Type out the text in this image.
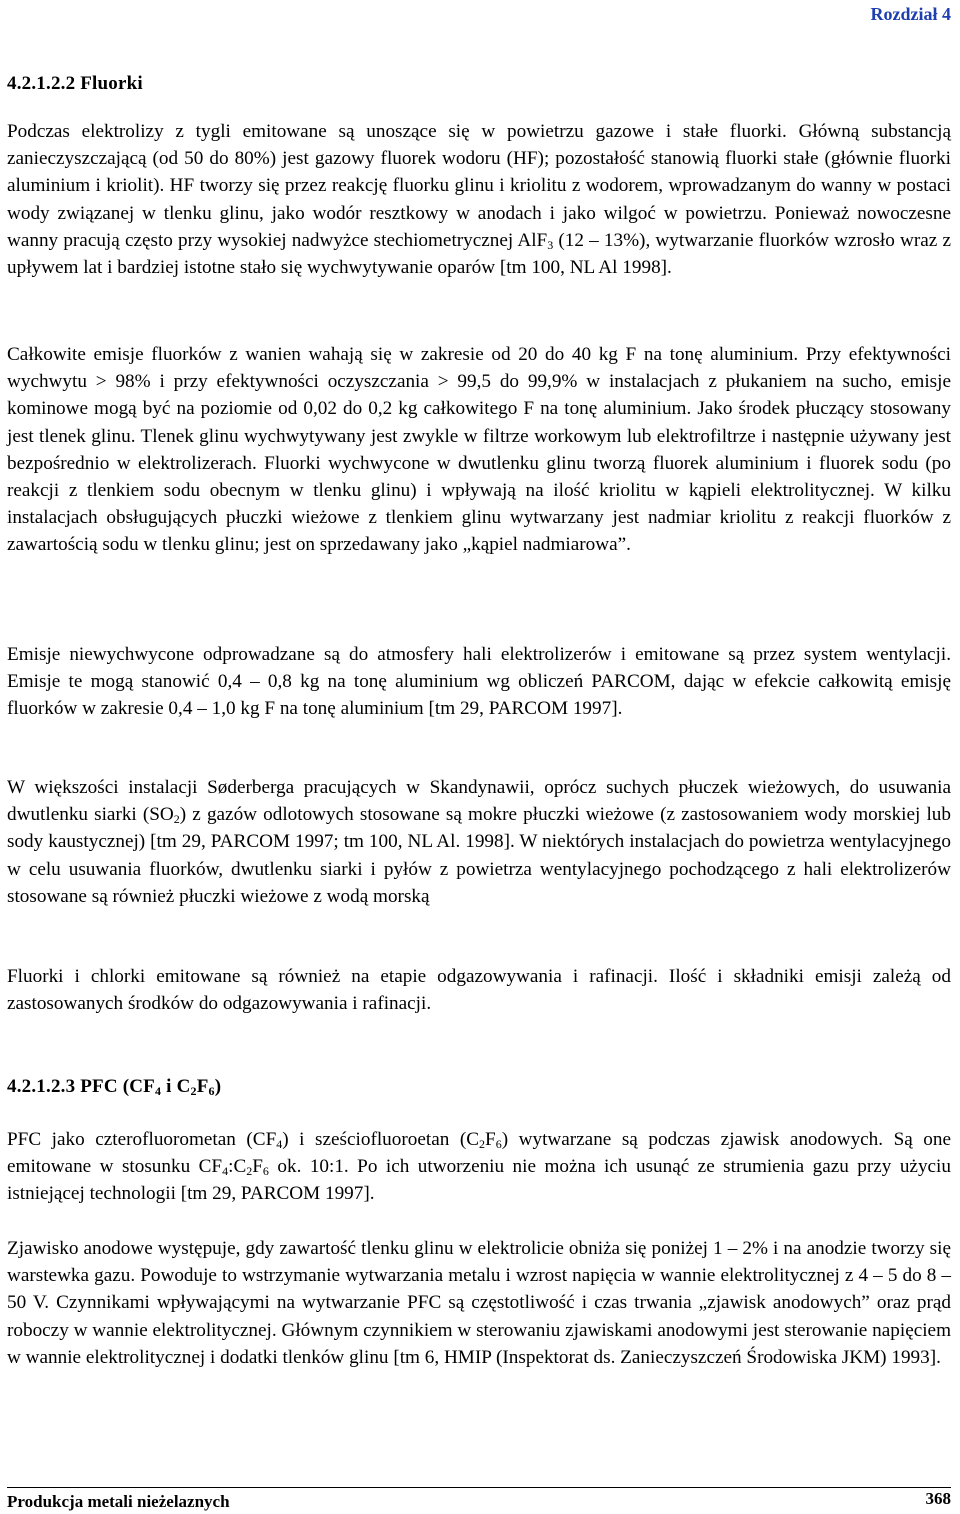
Rozdział 4
4.2.1.2.2 Fluorki
Podczas elektrolizy z tygli emitowane są unoszące się w powietrzu gazowe i stałe fluorki. Główną substancją zanieczyszczającą (od 50 do 80%) jest gazowy fluorek wodoru (HF); pozostałość stanowią fluorki stałe (głównie fluorki aluminium i kriolit). HF tworzy się przez reakcję fluorku glinu i kriolitu z wodorem, wprowadzanym do wanny w postaci wody związanej w tlenku glinu, jako wodór resztkowy w anodach i jako wilgoć w powietrzu. Ponieważ nowoczesne wanny pracują często przy wysokiej nadwyżce stechiometrycznej AlF$_3$ (12 – 13%), wytwarzanie fluorków wzrosło wraz z upływem lat i bardziej istotne stało się wychwytywanie oparów [tm 100, NL Al 1998].
Całkowite emisje fluorków z wanien wahają się w zakresie od 20 do 40 kg F na tonę aluminium. Przy efektywności wychwytu > 98% i przy efektywności oczyszczania > 99,5 do 99,9% w instalacjach z płukaniem na sucho, emisje kominowe mogą być na poziomie od 0,02 do 0,2 kg całkowitego F na tonę aluminium. Jako środek płuczący stosowany jest tlenek glinu. Tlenek glinu wychwytywany jest zwykle w filtrze workowym lub elektrofiltrze i następnie używany jest bezpośrednio w elektrolizerach. Fluorki wychwycone w dwutlenku glinu tworzą fluorek aluminium i fluorek sodu (po reakcji z tlenkiem sodu obecnym w tlenku glinu) i wpływają na ilość kriolitu w kąpieli elektrolitycznej. W kilku instalacjach obsługujących płuczki wieżowe z tlenkiem glinu wytwarzany jest nadmiar kriolitu z reakcji fluorków z zawartością sodu w tlenku glinu; jest on sprzedawany jako „kąpiel nadmiarowa”.
Emisje niewychwycone odprowadzane są do atmosfery hali elektrolizerów i emitowane są przez system wentylacji. Emisje te mogą stanowić 0,4 – 0,8 kg na tonę aluminium wg obliczeń PARCOM, dając w efekcie całkowitą emisję fluorków w zakresie 0,4 – 1,0 kg F na tonę aluminium [tm 29, PARCOM 1997].
W większości instalacji Søderberga pracujących w Skandynawii, oprócz suchych płuczek wieżowych, do usuwania dwutlenku siarki $(SO_2)$ z gazów odlotowych stosowane są mokre płuczki wieżowe (z zastosowaniem wody morskiej lub sody kaustycznej) [tm 29, PARCOM 1997; tm 100, NL Al. 1998]. W niektórych instalacjach do powietrza wentylacyjnego w celu usuwania fluorków, dwutlenku siarki i pyłów z powietrza wentylacyjnego pochodzącego z hali elektrolizerów stosowane są również płuczki wieżowe z wodą morską
Fluorki i chlorki emitowane są również na etapie odgazowywania i rafinacji. Ilość i składniki emisji zależą od zastosowanych środków do odgazowywania i rafinacji.
4.2.1.2.3 PFC ($CF_4$ i $C_2F_6$)
PFC jako czterofluorometan $(CF_4)$ i sześciofluoroetan $(C_2F_6)$ wytwarzane są podczas zjawisk anodowych. Są one emitowane w stosunku $CF_4:C_2F_6$ ok. 10:1. Po ich utworzeniu nie można ich usunąć ze strumienia gazu przy użyciu istniejącej technologii [tm 29, PARCOM 1997].
Zjawisko anodowe występuje, gdy zawartość tlenku glinu w elektrolicie obniża się poniżej 1 – 2% i na anodzie tworzy się warstewka gazu. Powoduje to wstrzymanie wytwarzania metalu i wzrost napięcia w wannie elektrolitycznej z 4 – 5 do 8 – 50 V. Czynnikami wpływającymi na wytwarzanie PFC są częstotliwość i czas trwania „zjawisk anodowych” oraz prąd roboczy w wannie elektrolitycznej. Głównym czynnikiem w sterowaniu zjawiskami anodowymi jest sterowanie napięciem w wannie elektrolitycznej i dodatki tlenków glinu [tm 6, HMIP (Inspektorat ds. Zanieczyszczeń Środowiska JKM) 1993].
Produkcja metali nieżelaznych	368
